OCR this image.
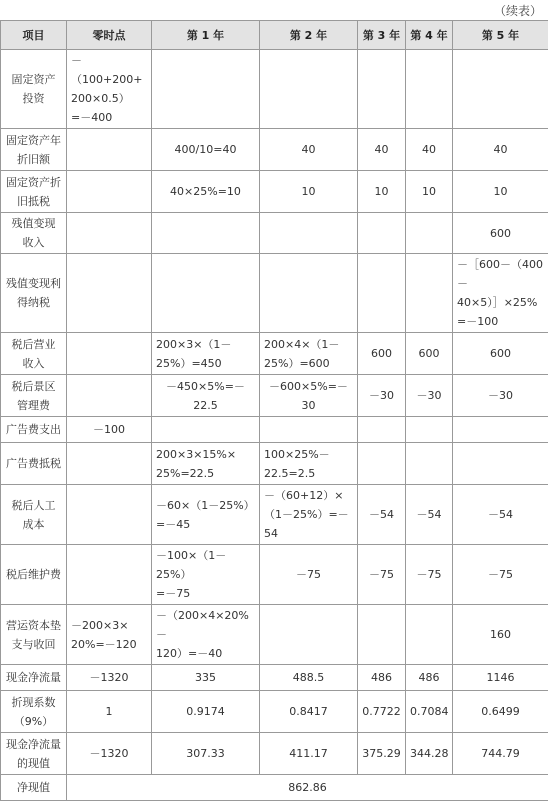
（续表）
项目	零时点	第 1 年	第 2 年	第 3 年	第 4 年	第 5 年
固定资产
投资	－（100+200+
200×0.5）
=－400					
固定资产年
折旧额		400/10=40	40	40	40	40
固定资产折
旧抵税		40×25%=10	10	10	10	10
残值变现
收入						600
残值变现利
得纳税						－［600－（400－
40×5）］×25%
=－100
税后营业
收入		200×3×（1－
25%）=450	200×4×（1－
25%）=600	600	600	600
税后景区
管理费		－450×5%=－22.5	－600×5%=－30	－30	－30	－30
广告费支出	－100					
广告费抵税		200×3×15%×
25%=22.5	100×25%－
22.5=2.5			
税后人工
成本		－60×（1－25%）
=－45	－（60+12）×
（1－25%）=－54	－54	－54	－54
税后维护费		－100×（1－25%）
=－75	－75	－75	－75	－75
营运资本垫
支与收回	－200×3×
20%=－120	－（200×4×20%－
120）=－40				160
现金净流量	－1320	335	488.5	486	486	1146
折现系数
（9%）	1	0.9174	0.8417	0.7722	0.7084	0.6499
现金净流量
的现值	－1320	307.33	411.17	375.29	344.28	744.79
净现值	862.86					
